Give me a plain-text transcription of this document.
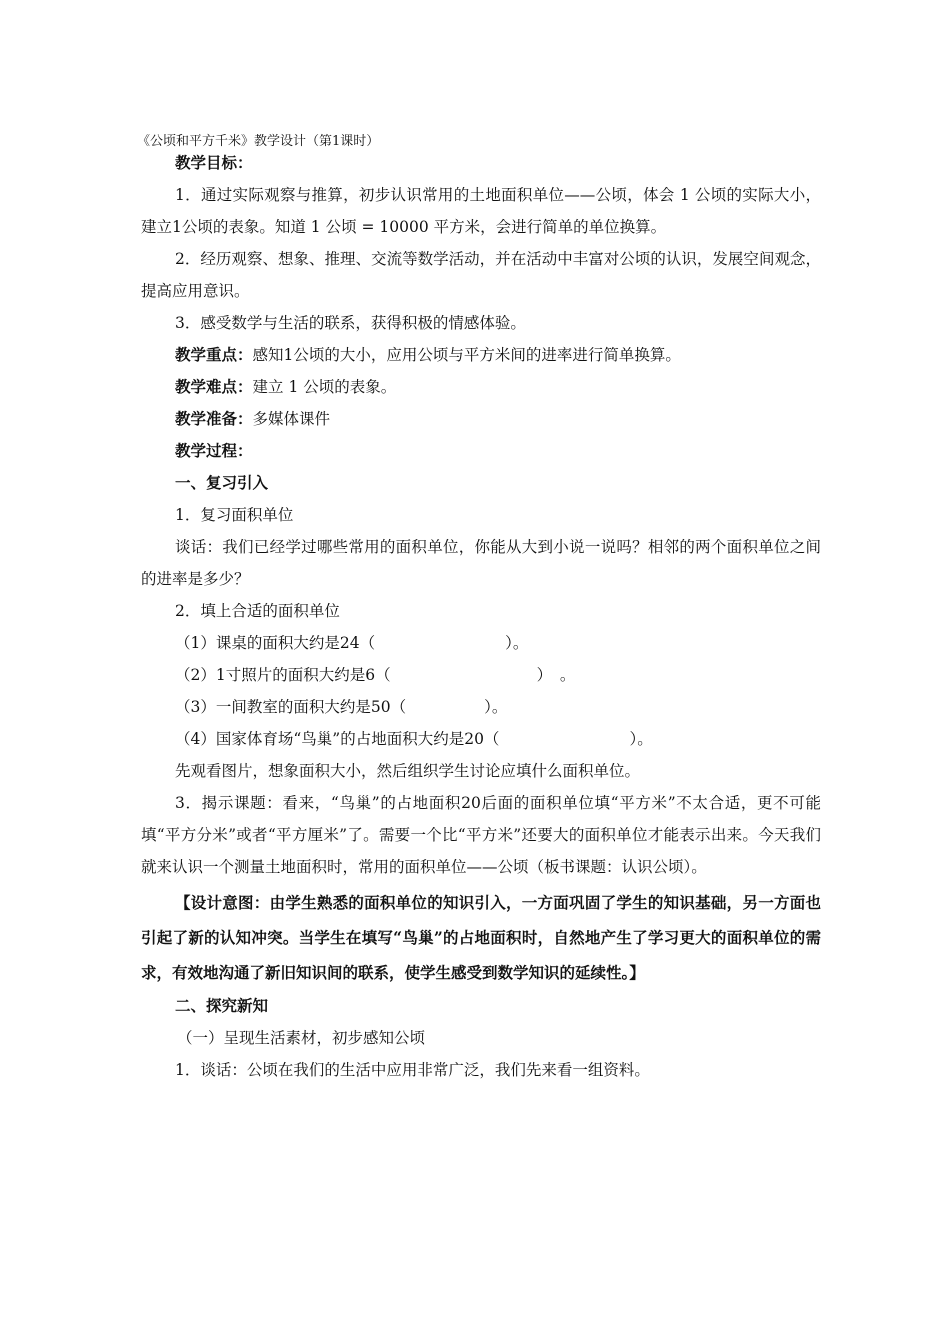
《公顷和平方千米》教学设计（第1课时）

教学目标：

1．通过实际观察与推算，初步认识常用的土地面积单位——公顷，体会 1 公顷的实际大小，建立1公顷的表象。知道 1 公顷 = 10000 平方米，会进行简单的单位换算。

2．经历观察、想象、推理、交流等数学活动，并在活动中丰富对公顷的认识，发展空间观念，提高应用意识。

3．感受数学与生活的联系，获得积极的情感体验。

教学重点：感知1公顷的大小，应用公顷与平方米间的进率进行简单换算。

教学难点：建立 1 公顷的表象。

教学准备：多媒体课件

教学过程：

一、复习引入

1．复习面积单位

谈话：我们已经学过哪些常用的面积单位，你能从大到小说一说吗？相邻的两个面积单位之间的进率是多少？

2．填上合适的面积单位

（1）课桌的面积大约是24（	）。

（2）1寸照片的面积大约是6（	）　。

（3）一间教室的面积大约是50（	）。

（4）国家体育场“鸟巢”的占地面积大约是20（	）。

先观看图片，想象面积大小，然后组织学生讨论应填什么面积单位。

3．揭示课题：看来，“鸟巢”的占地面积20后面的面积单位填“平方米”不太合适，更不可能填“平方分米”或者“平方厘米”了。需要一个比“平方米”还要大的面积单位才能表示出来。今天我们就来认识一个测量土地面积时，常用的面积单位——公顷（板书课题：认识公顷）。

【设计意图：由学生熟悉的面积单位的知识引入，一方面巩固了学生的知识基础，另一方面也引起了新的认知冲突。当学生在填写“鸟巢”的占地面积时，自然地产生了学习更大的面积单位的需求，有效地沟通了新旧知识间的联系，使学生感受到数学知识的延续性。】

二、探究新知

（一）呈现生活素材，初步感知公顷

1．谈话：公顷在我们的生活中应用非常广泛，我们先来看一组资料。
